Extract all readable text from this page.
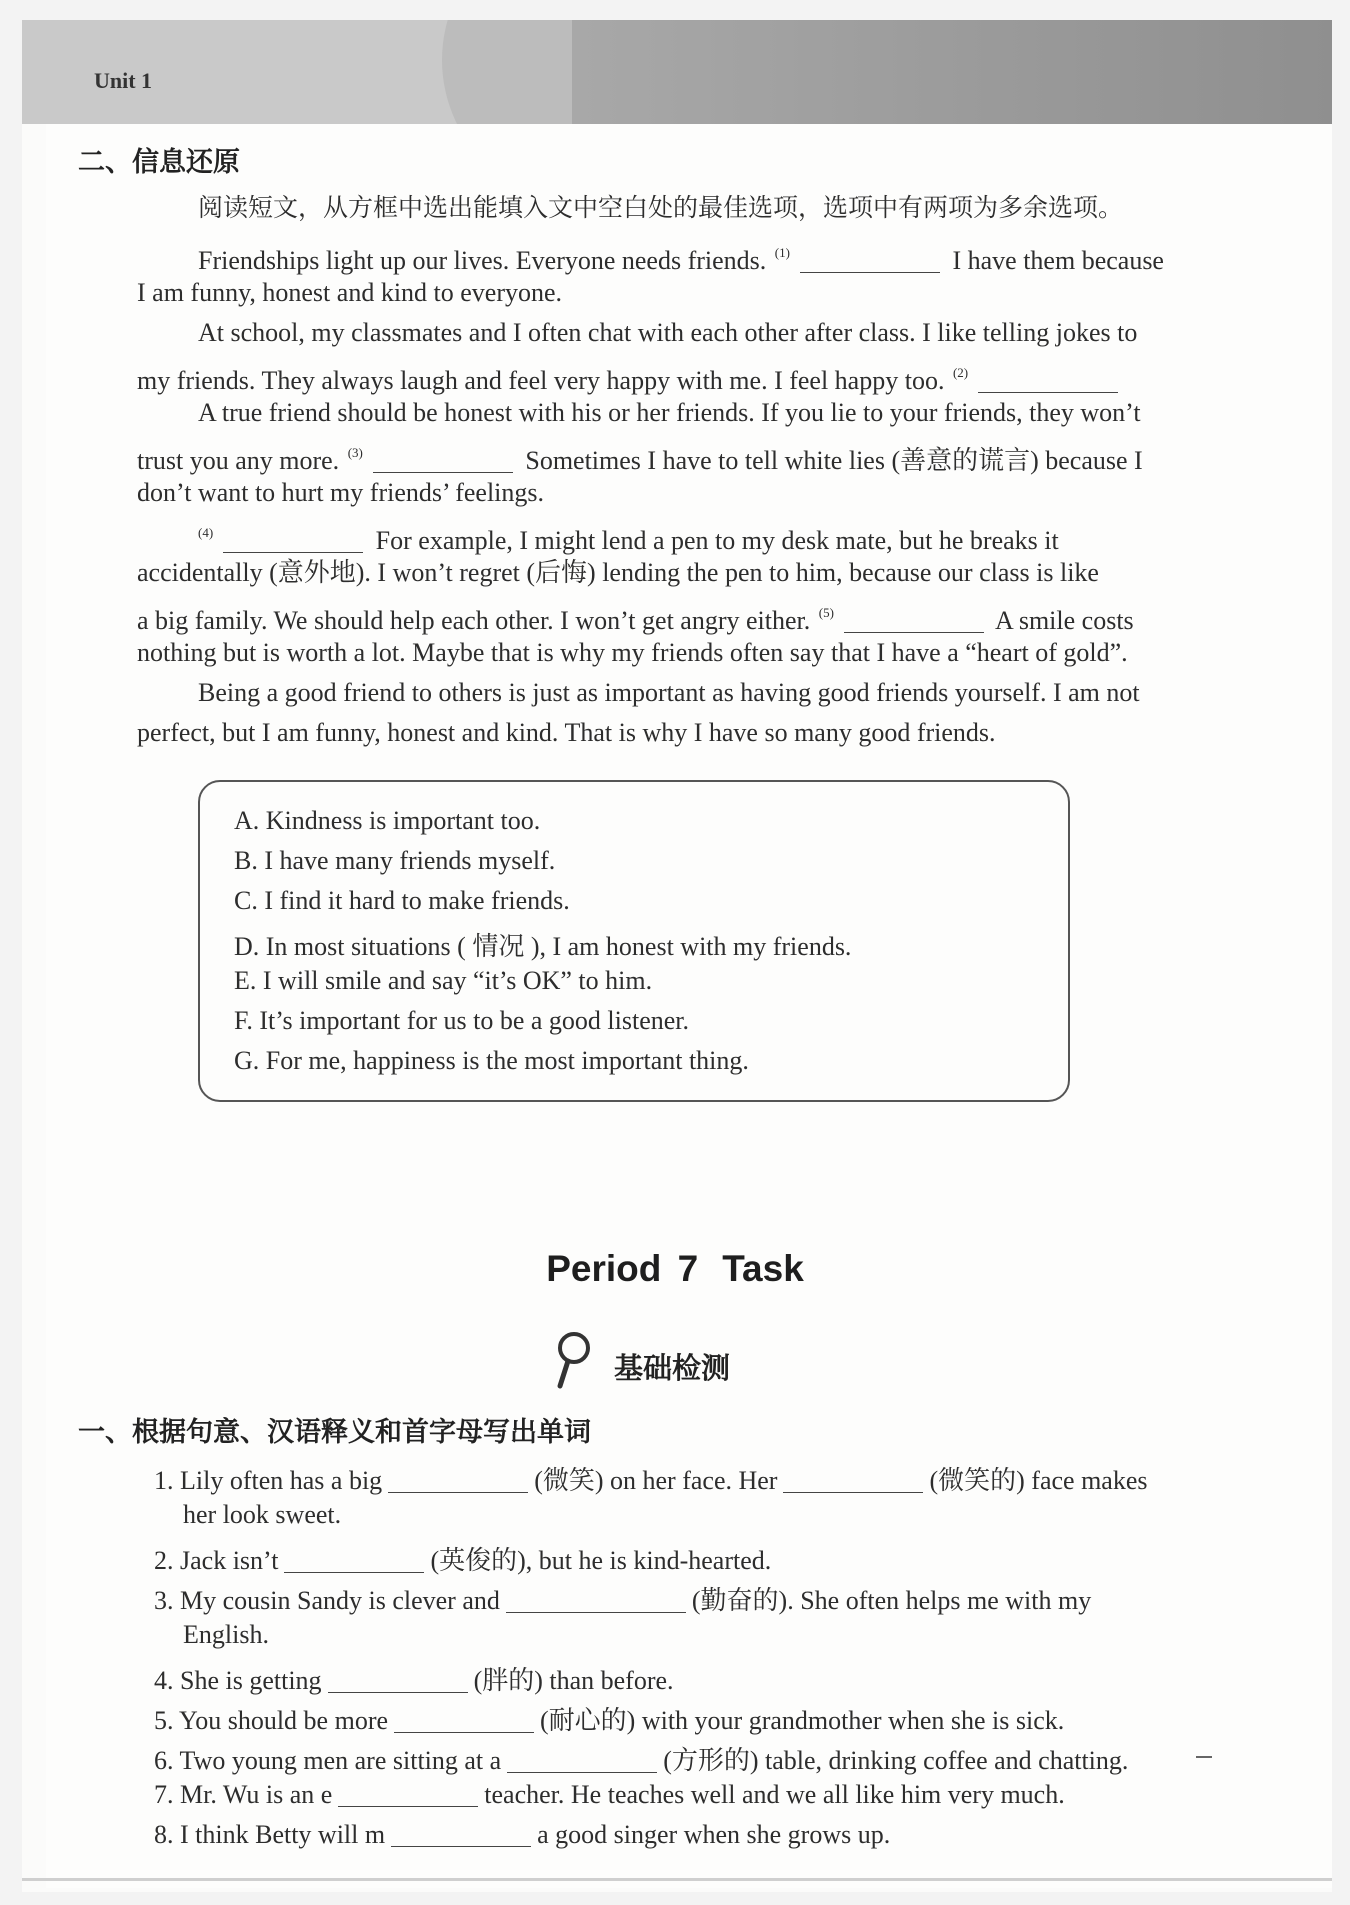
Unit 1
二、信息还原
阅读短文，从方框中选出能填入文中空白处的最佳选项，选项中有两项为多余选项。
Friendships light up our lives. Everyone needs friends. $^{(1)}$	I have them because
I am funny, honest and kind to everyone.
At school, my classmates and I often chat with each other after class. I like telling jokes to
my friends. They always laugh and feel very happy with me. I feel happy too. $^{(2)}$
A true friend should be honest with his or her friends. If you lie to your friends, they won’t
trust you any more. $^{(3)}$	Sometimes I have to tell white lies (善意的谎言) because I
don’t want to hurt my friends’ feelings.
$^{(4)}$	For example, I might lend a pen to my desk mate, but he breaks it
accidentally (意外地). I won’t regret (后悔) lending the pen to him, because our class is like
a big family. We should help each other. I won’t get angry either. $^{(5)}$	A smile costs
nothing but is worth a lot. Maybe that is why my friends often say that I have a “heart of gold”.
Being a good friend to others is just as important as having good friends yourself. I am not
perfect, but I am funny, honest and kind. That is why I have so many good friends.
A. Kindness is important too.
B. I have many friends myself.
C. I find it hard to make friends.
D. In most situations ( 情况 ), I am honest with my friends.
E. I will smile and say “it’s OK” to him.
F. It’s important for us to be a good listener.
G. For me, happiness is the most important thing.
Period 7 Task
基础检测
一、根据句意、汉语释义和首字母写出单词
1. Lily often has a big	(微笑) on her face. Her	(微笑的) face makes
her look sweet.
2. Jack isn’t	(英俊的), but he is kind-hearted.
3. My cousin Sandy is clever and	(勤奋的). She often helps me with my
English.
4. She is getting	(胖的) than before.
5. You should be more	(耐心的) with your grandmother when she is sick.
6. Two young men are sitting at a	(方形的) table, drinking coffee and chatting.
7. Mr. Wu is an e	teacher. He teaches well and we all like him very much.
8. I think Betty will m	a good singer when she grows up.
